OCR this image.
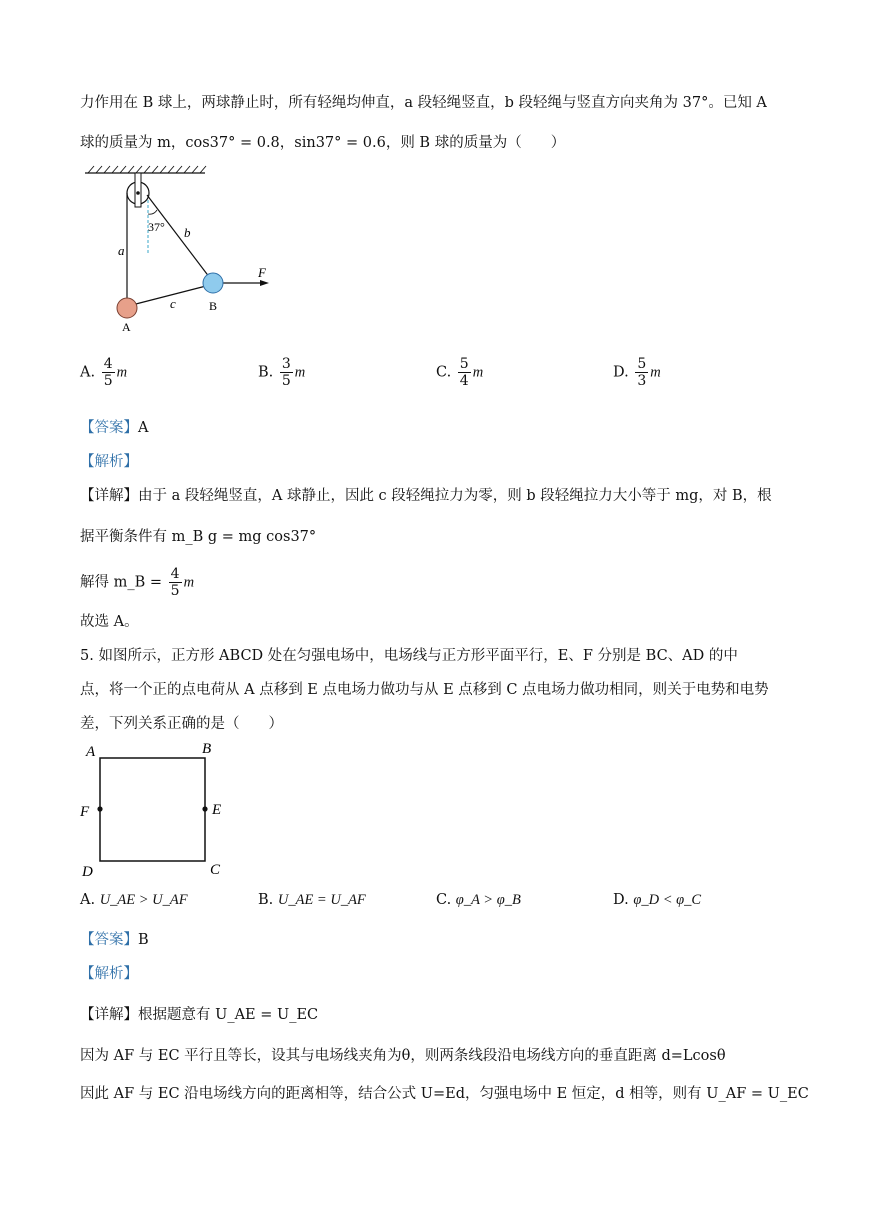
力作用在 B 球上，两球静止时，所有轻绳均伸直，a 段轻绳竖直，b 段轻绳与竖直方向夹角为 37°。已知 A
球的质量为 m，cos37° = 0.8，sin37° = 0.6，则 B 球的质量为（　　）
a
b
c
37°
F
A
B
A. $\frac{4}{5}$ m	B. $\frac{3}{5}$ m	C. $\frac{5}{4}$ m	D. $\frac{5}{3}$ m
【答案】A
【解析】
【详解】由于 a 段轻绳竖直，A 球静止，因此 c 段轻绳拉力为零，则 b 段轻绳拉力大小等于 mg，对 B，根
据平衡条件有 m_B g = mg cos37°
解得 m_B = $\frac{4}{5}$ m
故选 A。
5. 如图所示，正方形 ABCD 处在匀强电场中，电场线与正方形平面平行，E、F 分别是 BC、AD 的中
点，将一个正的点电荷从 A 点移到 E 点电场力做功与从 E 点移到 C 点电场力做功相同，则关于电势和电势
差，下列关系正确的是（　　）
A	B
C
D
E
F
A. U_AE > U_AF	B. U_AE = U_AF	C. φ_A > φ_B	D. φ_D < φ_C
【答案】B
【解析】
【详解】根据题意有 U_AE = U_EC
因为 AF 与 EC 平行且等长，设其与电场线夹角为θ，则两条线段沿电场线方向的垂直距离 d=Lcosθ
因此 AF 与 EC 沿电场线方向的距离相等，结合公式 U=Ed，匀强电场中 E 恒定，d 相等，则有 U_AF = U_EC
